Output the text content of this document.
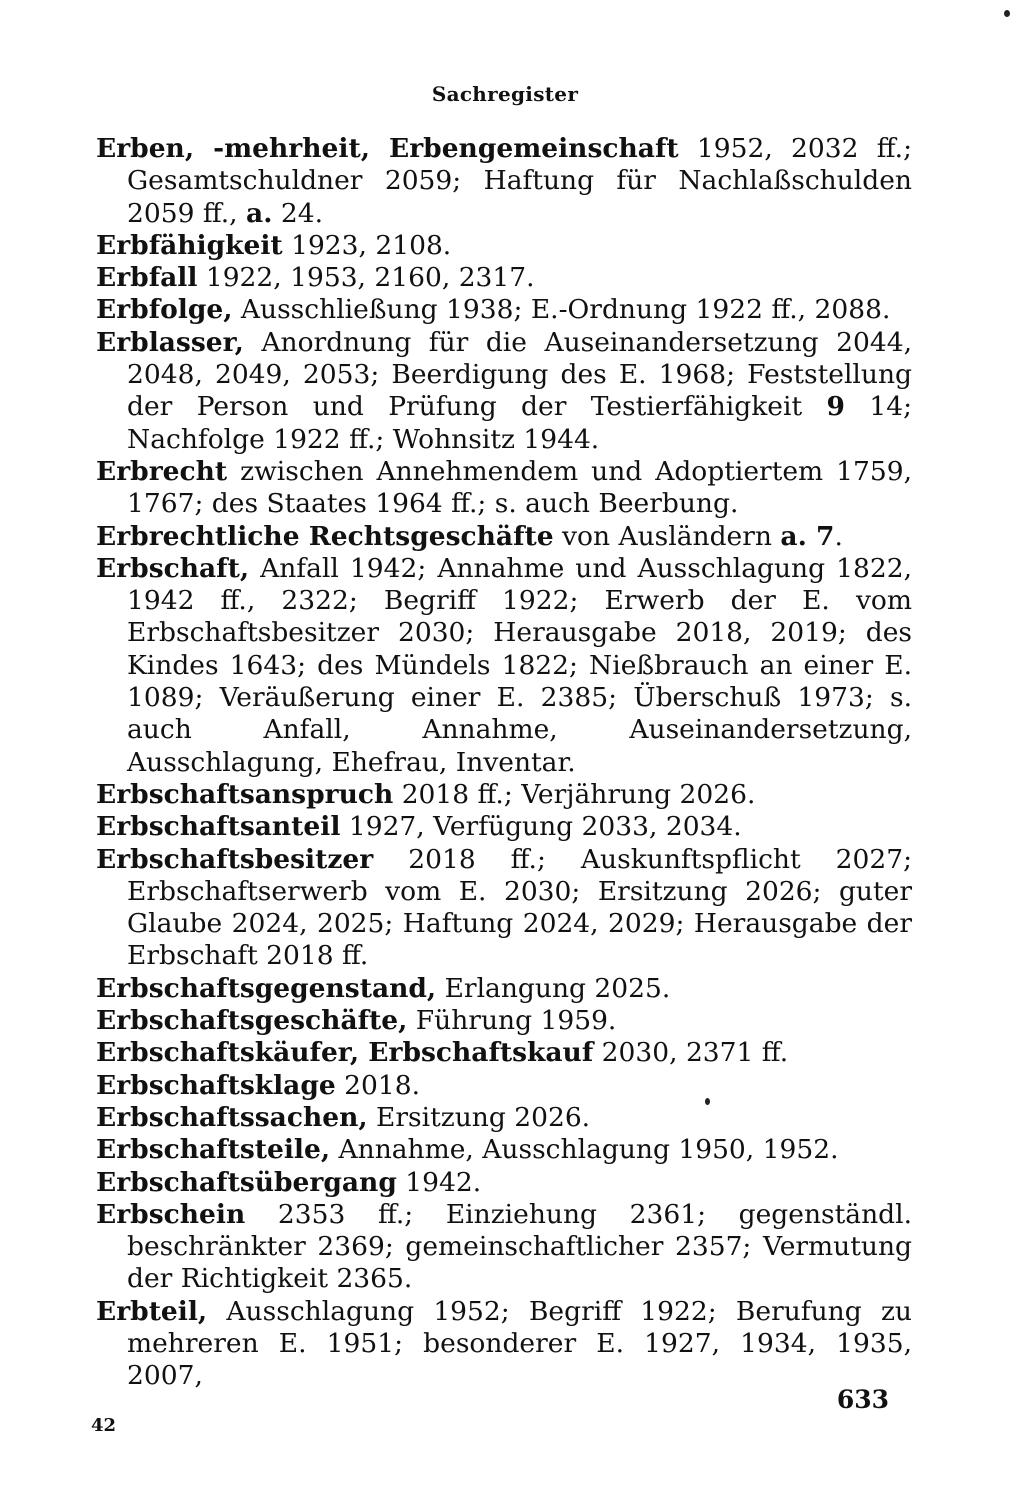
Sachregister
Erben, -mehrheit, Erbengemeinschaft 1952, 2032 ff.; Gesamtschuldner 2059; Haftung für Nachlaßschulden 2059 ff., a. 24.
Erbfähigkeit 1923, 2108.
Erbfall 1922, 1953, 2160, 2317.
Erbfolge, Ausschließung 1938; E.-Ordnung 1922 ff., 2088.
Erblasser, Anordnung für die Auseinandersetzung 2044, 2048, 2049, 2053; Beerdigung des E. 1968; Feststellung der Person und Prüfung der Testierfähigkeit 9 14; Nachfolge 1922 ff.; Wohnsitz 1944.
Erbrecht zwischen Annehmendem und Adoptiertem 1759, 1767; des Staates 1964 ff.; s. auch Beerbung.
Erbrechtliche Rechtsgeschäfte von Ausländern a. 7.
Erbschaft, Anfall 1942; Annahme und Ausschlagung 1822, 1942 ff., 2322; Begriff 1922; Erwerb der E. vom Erbschaftsbesitzer 2030; Herausgabe 2018, 2019; des Kindes 1643; des Mündels 1822; Nießbrauch an einer E. 1089; Veräußerung einer E. 2385; Überschuß 1973; s. auch Anfall, Annahme, Auseinandersetzung, Ausschlagung, Ehefrau, Inventar.
Erbschaftsanspruch 2018 ff.; Verjährung 2026.
Erbschaftsanteil 1927, Verfügung 2033, 2034.
Erbschaftsbesitzer 2018 ff.; Auskunftspflicht 2027; Erbschaftserwerb vom E. 2030; Ersitzung 2026; guter Glaube 2024, 2025; Haftung 2024, 2029; Herausgabe der Erbschaft 2018 ff.
Erbschaftsgegenstand, Erlangung 2025.
Erbschaftsgeschäfte, Führung 1959.
Erbschaftskäufer, Erbschaftskauf 2030, 2371 ff.
Erbschaftsklage 2018.
Erbschaftssachen, Ersitzung 2026.
Erbschaftsteile, Annahme, Ausschlagung 1950, 1952.
Erbschaftsübergang 1942.
Erbschein 2353 ff.; Einziehung 2361; gegenständl. beschränkter 2369; gemeinschaftlicher 2357; Vermutung der Richtigkeit 2365.
Erbteil, Ausschlagung 1952; Begriff 1922; Berufung zu mehreren E. 1951; besonderer E. 1927, 1934, 1935, 2007,
633
42
